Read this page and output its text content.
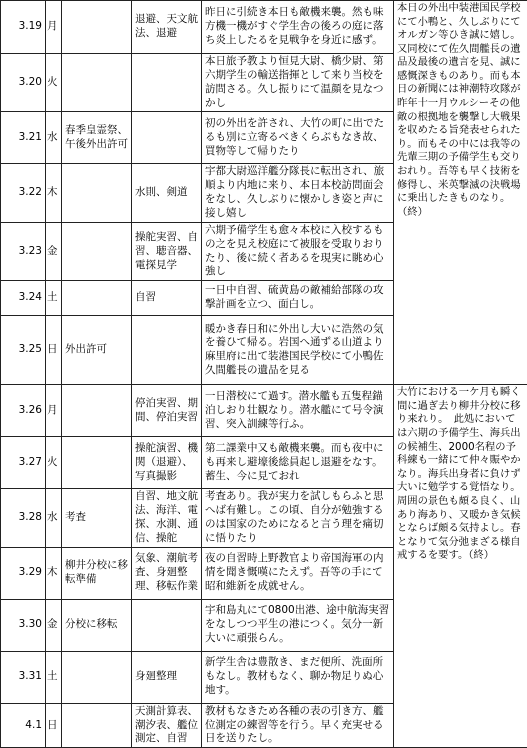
3.19	月		退避、天文航法、退避	昨日に引続き本日も敵機来襲。然も味方機一機がすぐ学生舎の後ろの庭に落ち炎上したるを見戦争を身近に感ず。	本日の外出中装港国民学校にて小鴨と、久しぶりにてオルガン等ひき誠に嬉し。又同校にて佐久間艦長の遺品及最後の遺言を見、誠に感慨深きものあり。而も本日の新聞には神潮特攻隊が昨年十一月ウルシーその他敵の根拠地を襲撃し大戦果を収めたる旨発表せられたり。而もその中には我等の先輩三期の予備学生も交りおれり。吾等も早く技術を修得し、米英撃滅の決戦場に乗出したきものなり。（終）
3.20	火			本日旅予教より恒見大尉、橋少尉、第六期学生の輸送指揮として来り当校を訪問さる。久し振りにて温顔を見なつかし	
3.21	水	春季皇霊祭、午後外出許可		初の外出を許され、大竹の町に出でたるも別に立寄るべきくらぶもなき故、買物等して帰りたり	
3.22	木		水則、剣道	宇都大尉巡洋艦分隊長に転出され、旅順より内地に来り、本日本校訪問面会をなし、久しぶりに懐かしき姿と声に接し嬉し	
3.23	金		操舵実習、自習、聴音器、電探見学	六期予備学生も愈々本校に入校するもの之を見え校庭にて被服を受取りおりたり、後に続く者あるを現実に眺め心強し	
3.24	土		自習	一日中自習、硫黄島の敵補給部隊の攻撃計画を立つ、面白し。	
3.25	日	外出許可		暖かき春日和に外出し大いに浩然の気を養ひて帰る。岩国へ通ずる山道より麻里府に出て装港国民学校にて小鴨佐久間艦長の遺品を見る	
3.26	月		停泊実習、期間、停泊実習	一日潜校にて過す。潜水艦も五隻程錨泊しおり壮観なり。潜水艦にて号令演習、突入訓練等行ふ。	大竹における一ケ月も瞬く間に過ぎ去り柳井分校に移り来れり。　此処においては六期の予備学生、海兵出の候補生、2000名程の予科練も一緒にて仲々賑やかなり。海兵出身者に負けず大いに勉学する覚悟なり。周囲の景色も頗る良く、山あり海あり、又暖かき気候とならば頗る気持よし。春となりて気分弛まざる様自戒するを要す。（終）
3.27	火		操舵演習、機関（退避）、写真撮影	第二課業中又も敵機来襲。而も夜中にも再来し避壕後総員起し退避をなす。蓄生、今に見ておれ	
3.28	水	考査	自習、地文航法、海洋、電探、水測、通信、操舵	考査あり。我が実力を試しもらふと思へば有難し。この頃、自分が勉強するのは国家のためになると言う理を痛切に悟りたり	
3.29	木	柳井分校に移転準備	気象、潮航考査、身廻整理、移転作業	夜の自習時上野教官より帝国海軍の内情を聞き慨嘆にたえず。吾等の手にて昭和維新を成就せん。	
3.30	金	分校に移転		宇和島丸にて0800出港、途中航海実習をなしつつ平生の港につく。気分一新大いに頑張らん。	
3.31	土		身廻整理	新学生舎は豊散き、まだ便所、洗面所もなし。教材もなく、聊か物足りぬ心地す。	
4.1	日		天測計算表、潮汐表、艦位測定、自習	教材もなきため各種の表の引き方、艦位測定の練習等を行う。早く充実せる日を送りたし。	
